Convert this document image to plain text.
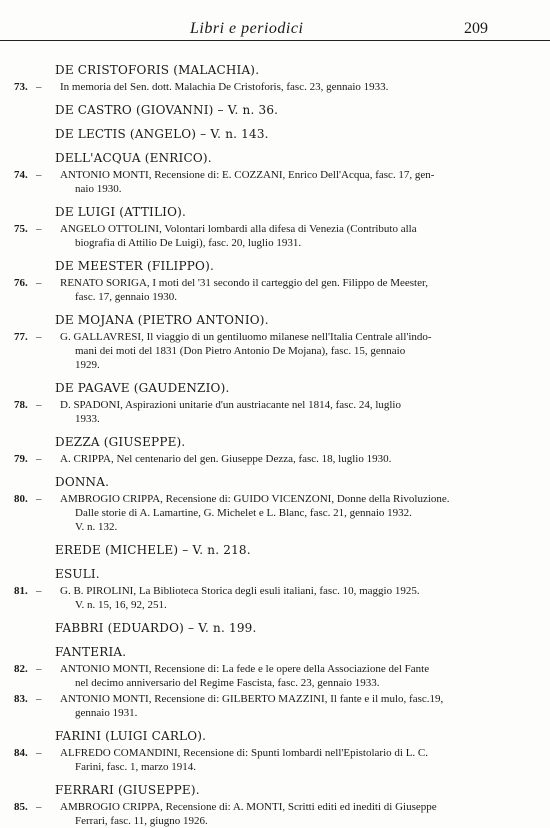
Libri e periodici	209
DE CRISTOFORIS (MALACHIA).
73. – In memoria del Sen. dott. Malachia De Cristoforis, fasc. 23, gennaio 1933.
DE CASTRO (GIOVANNI) – V. n. 36.
DE LECTIS (ANGELO) – V. n. 143.
DELL'ACQUA (ENRICO).
74. – ANTONIO MONTI, Recensione di: E. COZZANI, Enrico Dell'Acqua, fasc. 17, gen-
naio 1930.
DE LUIGI (ATTILIO).
75. – ANGELO OTTOLINI, Volontari lombardi alla difesa di Venezia (Contributo alla
biografia di Attilio De Luigi), fasc. 20, luglio 1931.
DE MEESTER (FILIPPO).
76. – RENATO SORIGA, I moti del '31 secondo il carteggio del gen. Filippo de Meester,
fasc. 17, gennaio 1930.
DE MOJANA (PIETRO ANTONIO).
77. – G. GALLAVRESI, Il viaggio di un gentiluomo milanese nell'Italia Centrale all'indo-
mani dei moti del 1831 (Don Pietro Antonio De Mojana), fasc. 15, gennaio
1929.
DE PAGAVE (GAUDENZIO).
78. – D. SPADONI, Aspirazioni unitarie d'un austriacante nel 1814, fasc. 24, luglio
1933.
DEZZA (GIUSEPPE).
79. – A. CRIPPA, Nel centenario del gen. Giuseppe Dezza, fasc. 18, luglio 1930.
DONNA.
80. – AMBROGIO CRIPPA, Recensione di: GUIDO VICENZONI, Donne della Rivoluzione.
Dalle storie di A. Lamartine, G. Michelet e L. Blanc, fasc. 21, gennaio 1932.
V. n. 132.
EREDE (MICHELE) – V. n. 218.
ESULI.
81. – G. B. PIROLINI, La Biblioteca Storica degli esuli italiani, fasc. 10, maggio 1925.
V. n. 15, 16, 92, 251.
FABBRI (EDUARDO) – V. n. 199.
FANTERIA.
82. – ANTONIO MONTI, Recensione di: La fede e le opere della Associazione del Fante
nel decimo anniversario del Regime Fascista, fasc. 23, gennaio 1933.
83. – ANTONIO MONTI, Recensione di: GILBERTO MAZZINI, Il fante e il mulo, fasc.19,
gennaio 1931.
FARINI (LUIGI CARLO).
84. – ALFREDO COMANDINI, Recensione di: Spunti lombardi nell'Epistolario di L. C.
Farini, fasc. 1, marzo 1914.
FERRARI (GIUSEPPE).
85. – AMBROGIO CRIPPA, Recensione di: A. MONTI, Scritti editi ed inediti di Giuseppe
Ferrari, fasc. 11, giugno 1926.
